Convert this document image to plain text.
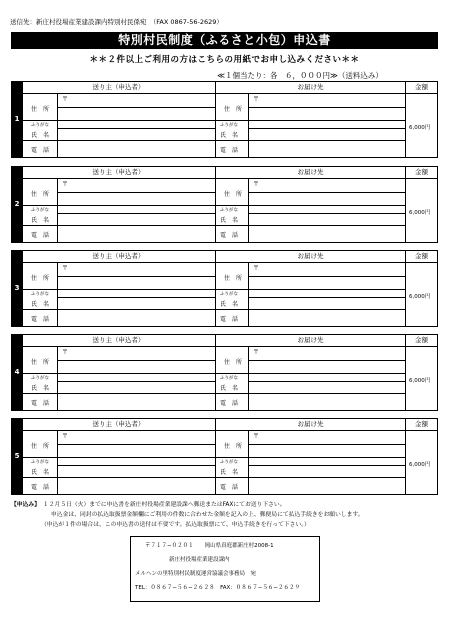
送信先：新庄村役場産業建設課内特別村民係宛　（FAX 0867-56-2629）
特別村民制度（ふるさと小包）申込書
＊＊２件以上ご利用の方はこちらの用紙でお申し込みください＊＊
≪１個当たり：各　６，０００円≫（送料込み）
1
送り主（申込者）	お届け先	金額
〒	〒
住　所	住　所
ふりがな	ふりがな
氏　名	氏　名
電　話	電　話
6,000円
2
送り主（申込者）	お届け先	金額
〒	〒
住　所	住　所
ふりがな	ふりがな
氏　名	氏　名
電　話	電　話
6,000円
3
送り主（申込者）	お届け先	金額
〒	〒
住　所	住　所
ふりがな	ふりがな
氏　名	氏　名
電　話	電　話
6,000円
4
送り主（申込者）	お届け先	金額
〒	〒
住　所	住　所
ふりがな	ふりがな
氏　名	氏　名
電　話	電　話
6,000円
5
送り主（申込者）	お届け先	金額
〒	〒
住　所	住　所
ふりがな	ふりがな
氏　名	氏　名
電　話	電　話
6,000円
【申込み】　 １２月５日（火）までに申込書を新庄村役場産業建設課へ郵送またはFAXにてお送り下さい。
申込金は、同封の払込取扱票金額欄にご利用の件数に合わせた金額を記入の上、郵便局にて払込手続きをお願いします。
（申込が１件の場合は、この申込書の送付は不要です。払込取扱票にて、申込手続きを行って下さい。）
〒７１７−０２０１　　岡山県真庭郡新庄村2008-1
新庄村役場産業建設課内
メルヘンの里特別村民制度運営協議会事務局　宛
TEL：０８６７−５６−２６２８　FAX：０８６７−５６−２６２９
